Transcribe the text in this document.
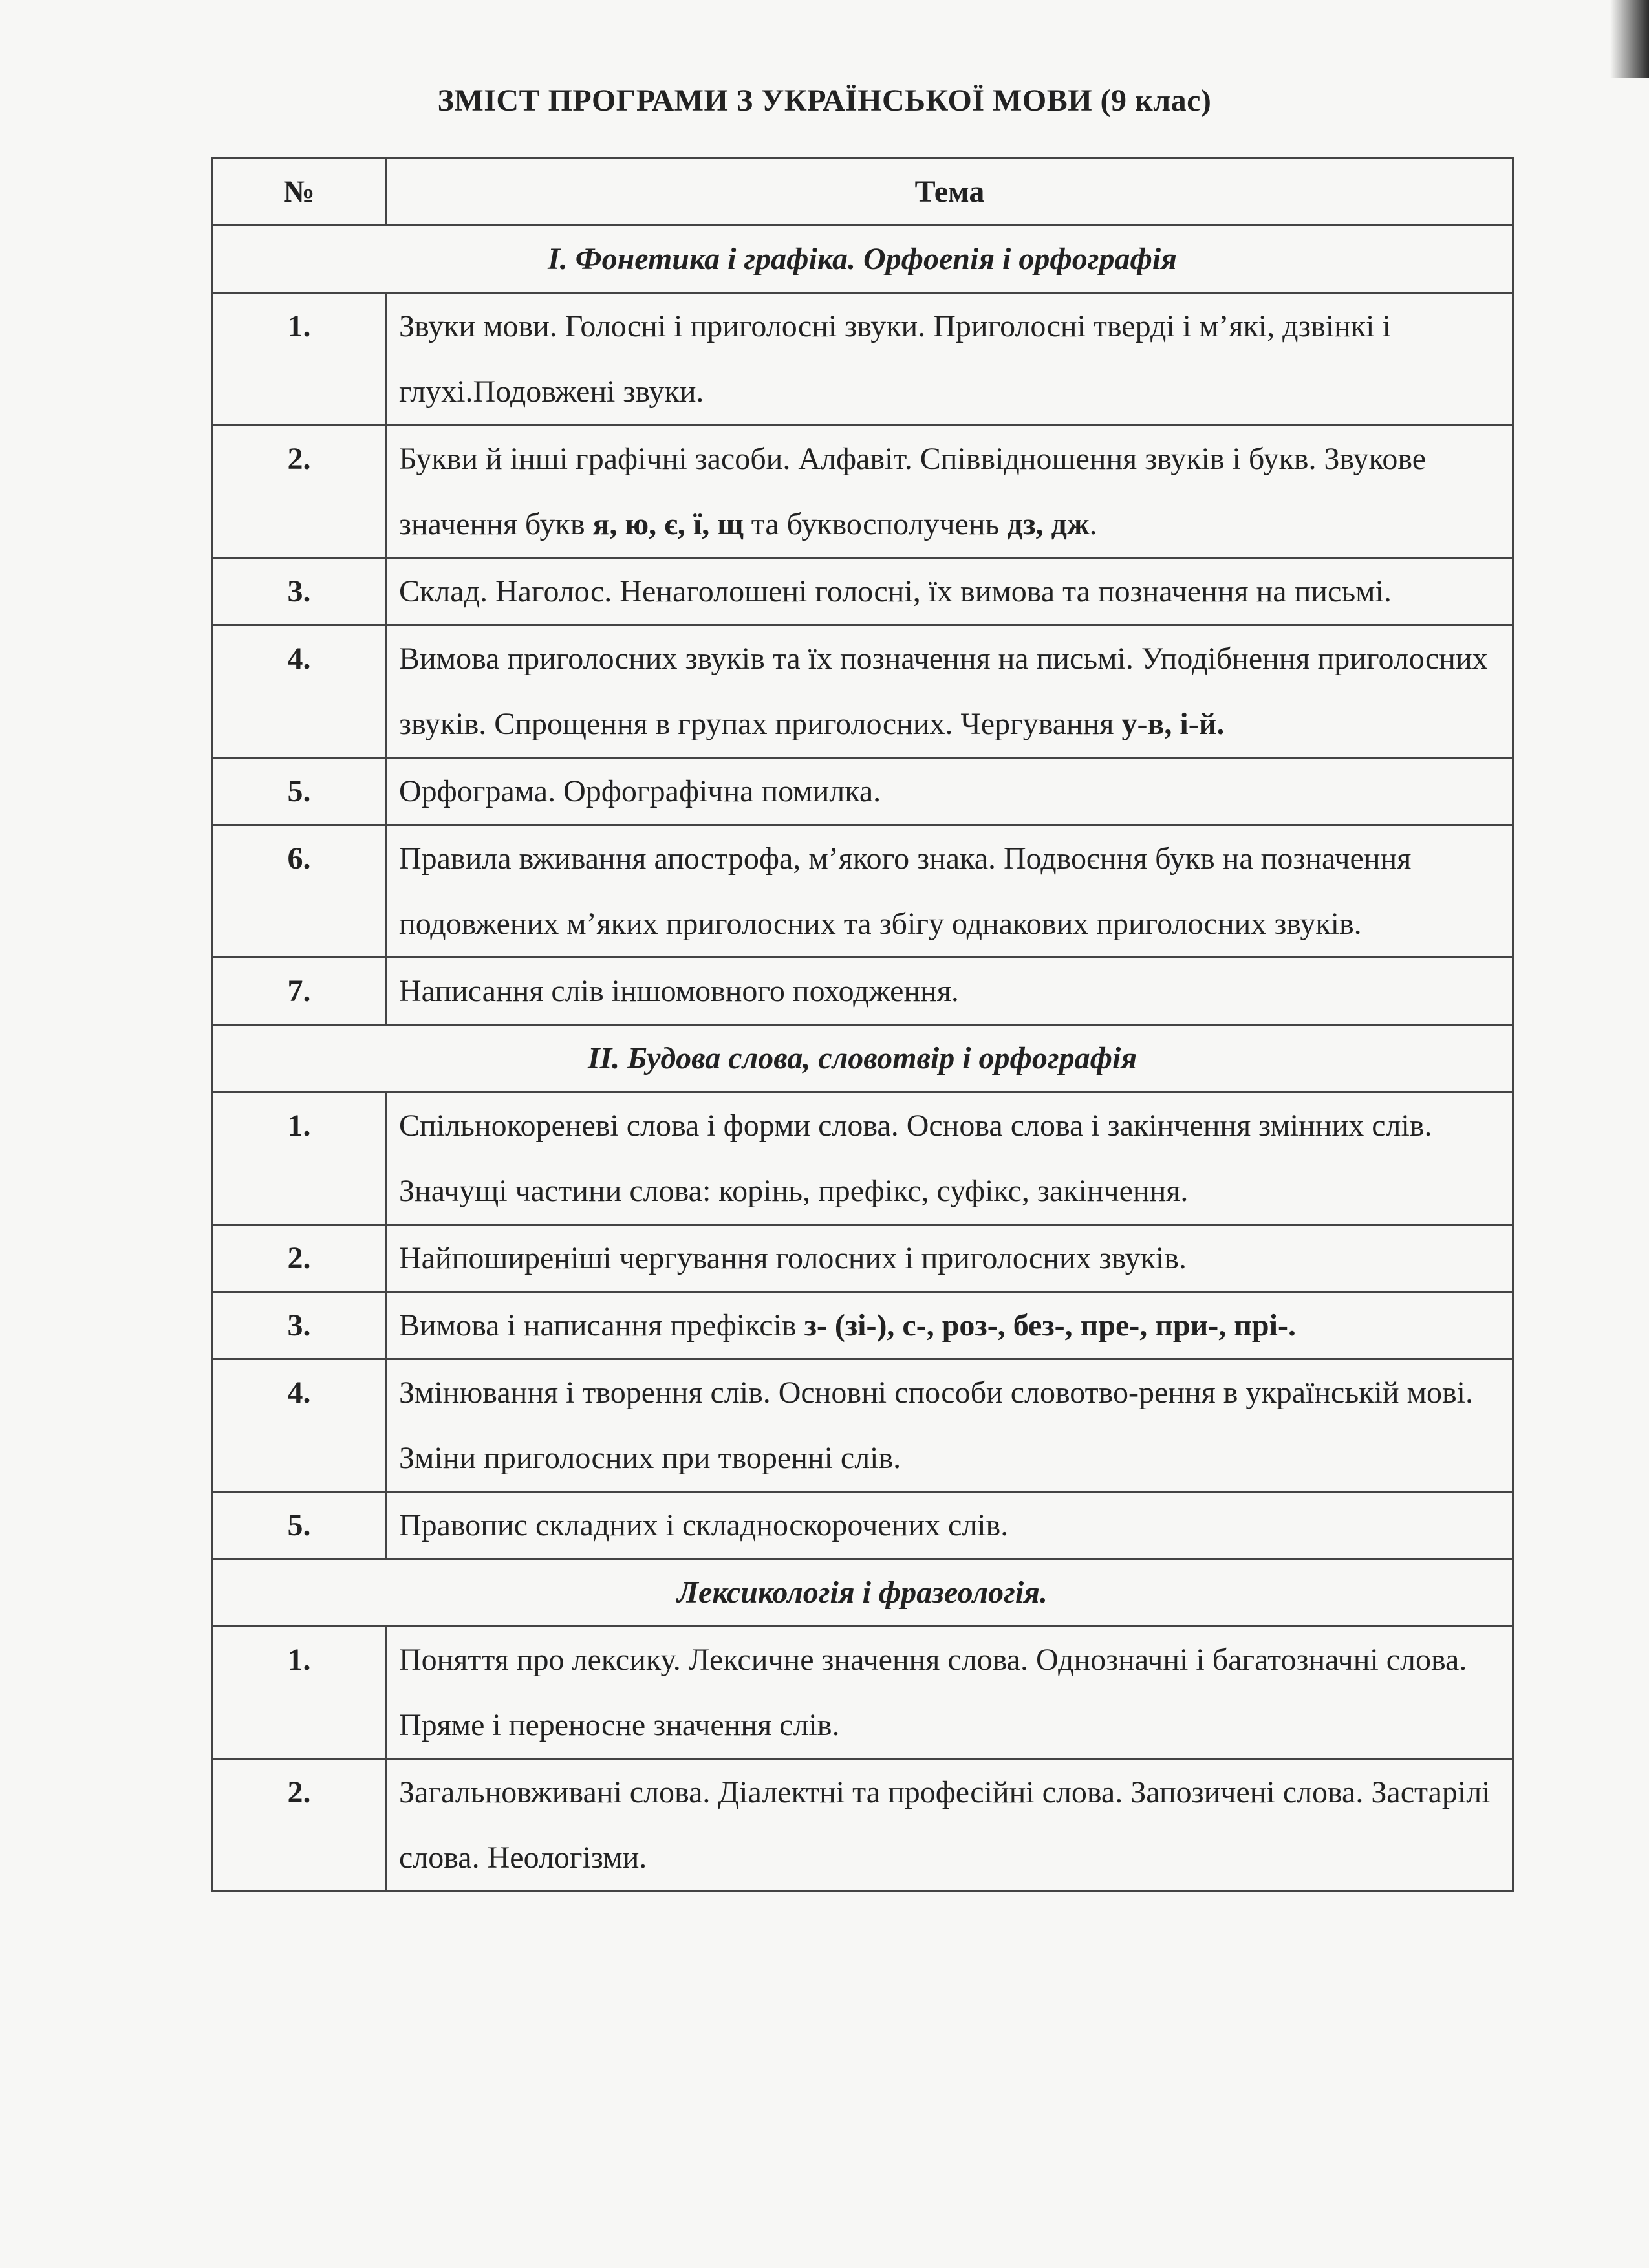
ЗМІСТ ПРОГРАМИ З УКРАЇНСЬКОЇ МОВИ (9 клас)
№	Тема
І. Фонетика і графіка. Орфоепія і орфографія	
1.	Звуки мови. Голосні і приголосні звуки. Приголосні тверді і м’які, дзвінкі і глухі.Подовжені звуки.
2.	Букви й інші графічні засоби. Алфавіт. Співвідношення звуків і букв. Звукове значення букв я, ю, є, ї, щ та буквосполучень дз, дж.
3.	Склад. Наголос. Ненаголошені голосні, їх вимова та позначення на письмі.
4.	Вимова приголосних звуків та їх позначення на письмі. Уподібнення приголосних звуків. Спрощення в групах приголосних. Чергування у-в, і-й.
5.	Орфограма. Орфографічна помилка.
6.	Правила вживання апострофа, м’якого знака. Подвоєння букв на позначення подовжених м’яких приголосних та збігу однакових приголосних звуків.
7.	Написання слів іншомовного походження.
ІІ. Будова слова, словотвір і орфографія	
1.	Спільнокореневі слова і форми слова. Основа слова і закінчення змінних слів. Значущі частини слова: корінь, префікс, суфікс, закінчення.
2.	Найпоширеніші чергування голосних і приголосних звуків.
3.	Вимова і написання префіксів з- (зі-), с-, роз-, без-, пре-, при-, прі-.
4.	Змінювання і творення слів. Основні способи словотво-рення в українській мові. Зміни приголосних при творенні слів.
5.	Правопис складних і складноскорочених слів.
Лексикологія і фразеологія.	
1.	Поняття про лексику. Лексичне значення слова. Однозначні і багатозначні слова. Пряме і переносне значення слів.
2.	Загальновживані слова. Діалектні та професійні слова. Запозичені слова. Застарілі слова. Неологізми.
